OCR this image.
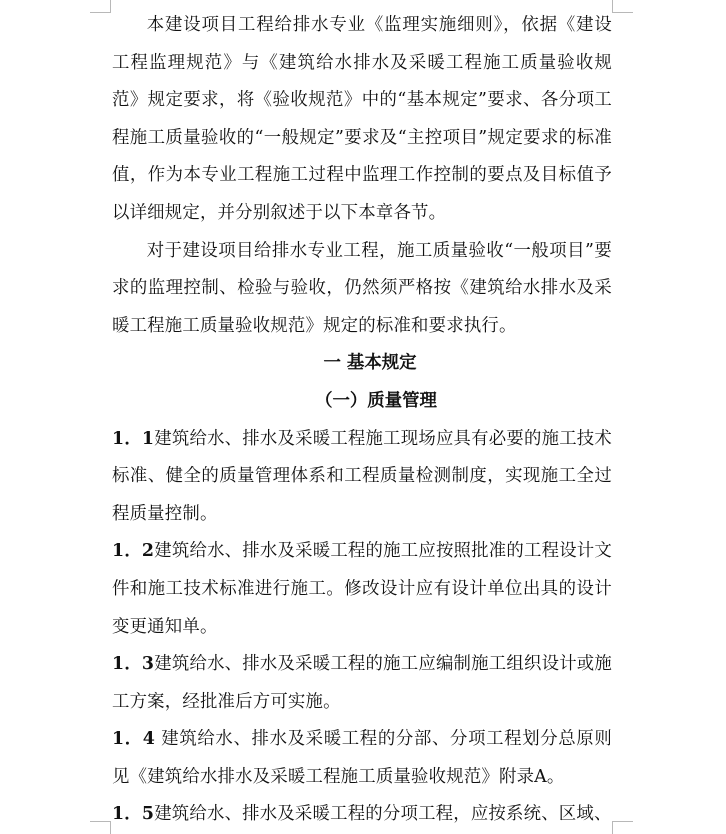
本建设项目工程给排水专业《监理实施细则》，依据《建设工程监理规范》与《建筑给水排水及采暖工程施工质量验收规范》规定要求，将《验收规范》中的“基本规定”要求、各分项工程施工质量验收的“一般规定”要求及“主控项目”规定要求的标准值，作为本专业工程施工过程中监理工作控制的要点及目标值予以详细规定，并分别叙述于以下本章各节。

对于建设项目给排水专业工程，施工质量验收“一般项目”要求的监理控制、检验与验收，仍然须严格按《建筑给水排水及采暖工程施工质量验收规范》规定的标准和要求执行。

一 基本规定

（一）质量管理

1．1建筑给水、排水及采暖工程施工现场应具有必要的施工技术标准、健全的质量管理体系和工程质量检测制度，实现施工全过程质量控制。

1．2建筑给水、排水及采暖工程的施工应按照批准的工程设计文件和施工技术标准进行施工。修改设计应有设计单位出具的设计变更通知单。

1．3建筑给水、排水及采暖工程的施工应编制施工组织设计或施工方案，经批准后方可实施。

1．4 建筑给水、排水及采暖工程的分部、分项工程划分总原则见《建筑给水排水及采暖工程施工质量验收规范》附录A。

1．5建筑给水、排水及采暖工程的分项工程，应按系统、区域、
